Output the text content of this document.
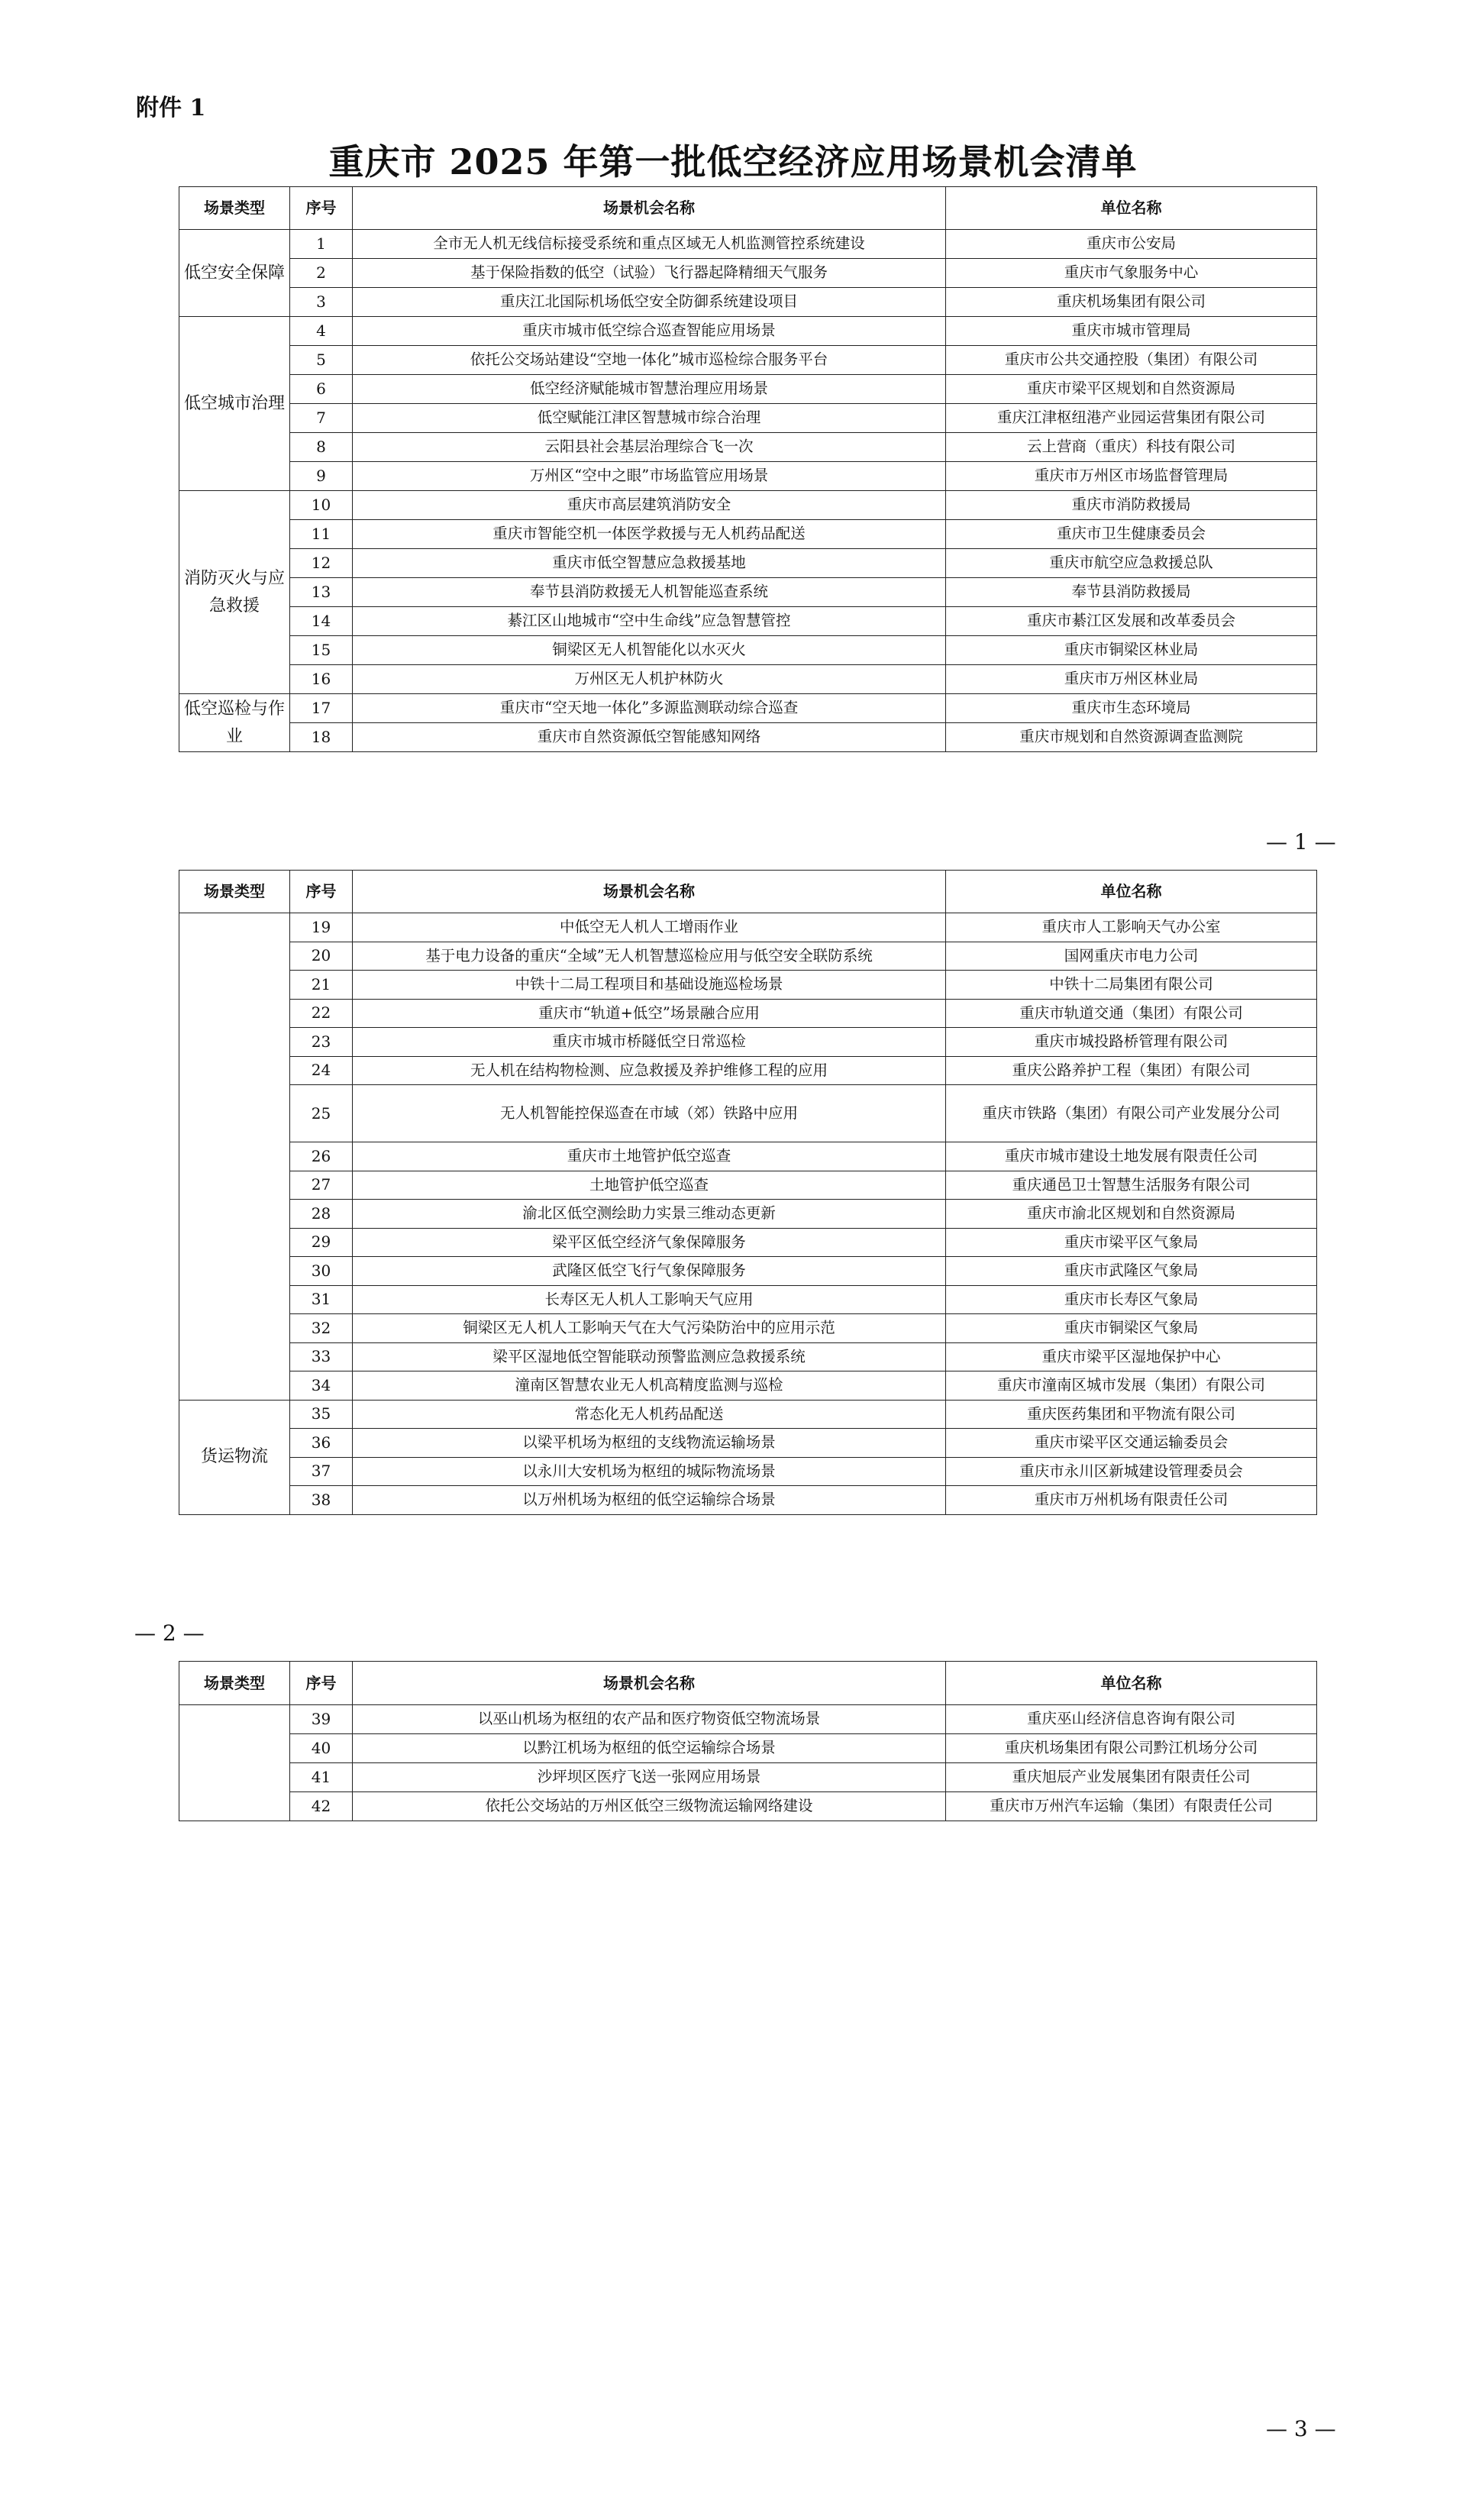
附件 1
重庆市 2025 年第一批低空经济应用场景机会清单
场景类型	序号	场景机会名称	单位名称
低空安全保障	1	全市无人机无线信标接受系统和重点区域无人机监测管控系统建设	重庆市公安局
	2	基于保险指数的低空（试验）飞行器起降精细天气服务	重庆市气象服务中心
	3	重庆江北国际机场低空安全防御系统建设项目	重庆机场集团有限公司
低空城市治理	4	重庆市城市低空综合巡查智能应用场景	重庆市城市管理局
	5	依托公交场站建设“空地一体化”城市巡检综合服务平台	重庆市公共交通控股（集团）有限公司
	6	低空经济赋能城市智慧治理应用场景	重庆市梁平区规划和自然资源局
	7	低空赋能江津区智慧城市综合治理	重庆江津枢纽港产业园运营集团有限公司
	8	云阳县社会基层治理综合飞一次	云上营商（重庆）科技有限公司
	9	万州区“空中之眼”市场监管应用场景	重庆市万州区市场监督管理局
消防灭火与应急救援	10	重庆市高层建筑消防安全	重庆市消防救援局
	11	重庆市智能空机一体医学救援与无人机药品配送	重庆市卫生健康委员会
	12	重庆市低空智慧应急救援基地	重庆市航空应急救援总队
	13	奉节县消防救援无人机智能巡查系统	奉节县消防救援局
	14	綦江区山地城市“空中生命线”应急智慧管控	重庆市綦江区发展和改革委员会
	15	铜梁区无人机智能化以水灭火	重庆市铜梁区林业局
	16	万州区无人机护林防火	重庆市万州区林业局
低空巡检与作业	17	重庆市“空天地一体化”多源监测联动综合巡查	重庆市生态环境局
	18	重庆市自然资源低空智能感知网络	重庆市规划和自然资源调查监测院
— 1 —
场景类型	序号	场景机会名称	单位名称
	19	中低空无人机人工增雨作业	重庆市人工影响天气办公室
	20	基于电力设备的重庆“全域”无人机智慧巡检应用与低空安全联防系统	国网重庆市电力公司
	21	中铁十二局工程项目和基础设施巡检场景	中铁十二局集团有限公司
	22	重庆市“轨道+低空”场景融合应用	重庆市轨道交通（集团）有限公司
	23	重庆市城市桥隧低空日常巡检	重庆市城投路桥管理有限公司
	24	无人机在结构物检测、应急救援及养护维修工程的应用	重庆公路养护工程（集团）有限公司
	25	无人机智能控保巡查在市域（郊）铁路中应用	重庆市铁路（集团）有限公司产业发展分公司
	26	重庆市土地管护低空巡查	重庆市城市建设土地发展有限责任公司
	27	土地管护低空巡查	重庆通邑卫士智慧生活服务有限公司
	28	渝北区低空测绘助力实景三维动态更新	重庆市渝北区规划和自然资源局
	29	梁平区低空经济气象保障服务	重庆市梁平区气象局
	30	武隆区低空飞行气象保障服务	重庆市武隆区气象局
	31	长寿区无人机人工影响天气应用	重庆市长寿区气象局
	32	铜梁区无人机人工影响天气在大气污染防治中的应用示范	重庆市铜梁区气象局
	33	梁平区湿地低空智能联动预警监测应急救援系统	重庆市梁平区湿地保护中心
	34	潼南区智慧农业无人机高精度监测与巡检	重庆市潼南区城市发展（集团）有限公司
货运物流	35	常态化无人机药品配送	重庆医药集团和平物流有限公司
	36	以梁平机场为枢纽的支线物流运输场景	重庆市梁平区交通运输委员会
	37	以永川大安机场为枢纽的城际物流场景	重庆市永川区新城建设管理委员会
	38	以万州机场为枢纽的低空运输综合场景	重庆市万州机场有限责任公司
— 2 —
场景类型	序号	场景机会名称	单位名称
	39	以巫山机场为枢纽的农产品和医疗物资低空物流场景	重庆巫山经济信息咨询有限公司
	40	以黔江机场为枢纽的低空运输综合场景	重庆机场集团有限公司黔江机场分公司
	41	沙坪坝区医疗飞送一张网应用场景	重庆旭辰产业发展集团有限责任公司
	42	依托公交场站的万州区低空三级物流运输网络建设	重庆市万州汽车运输（集团）有限责任公司
— 3 —
